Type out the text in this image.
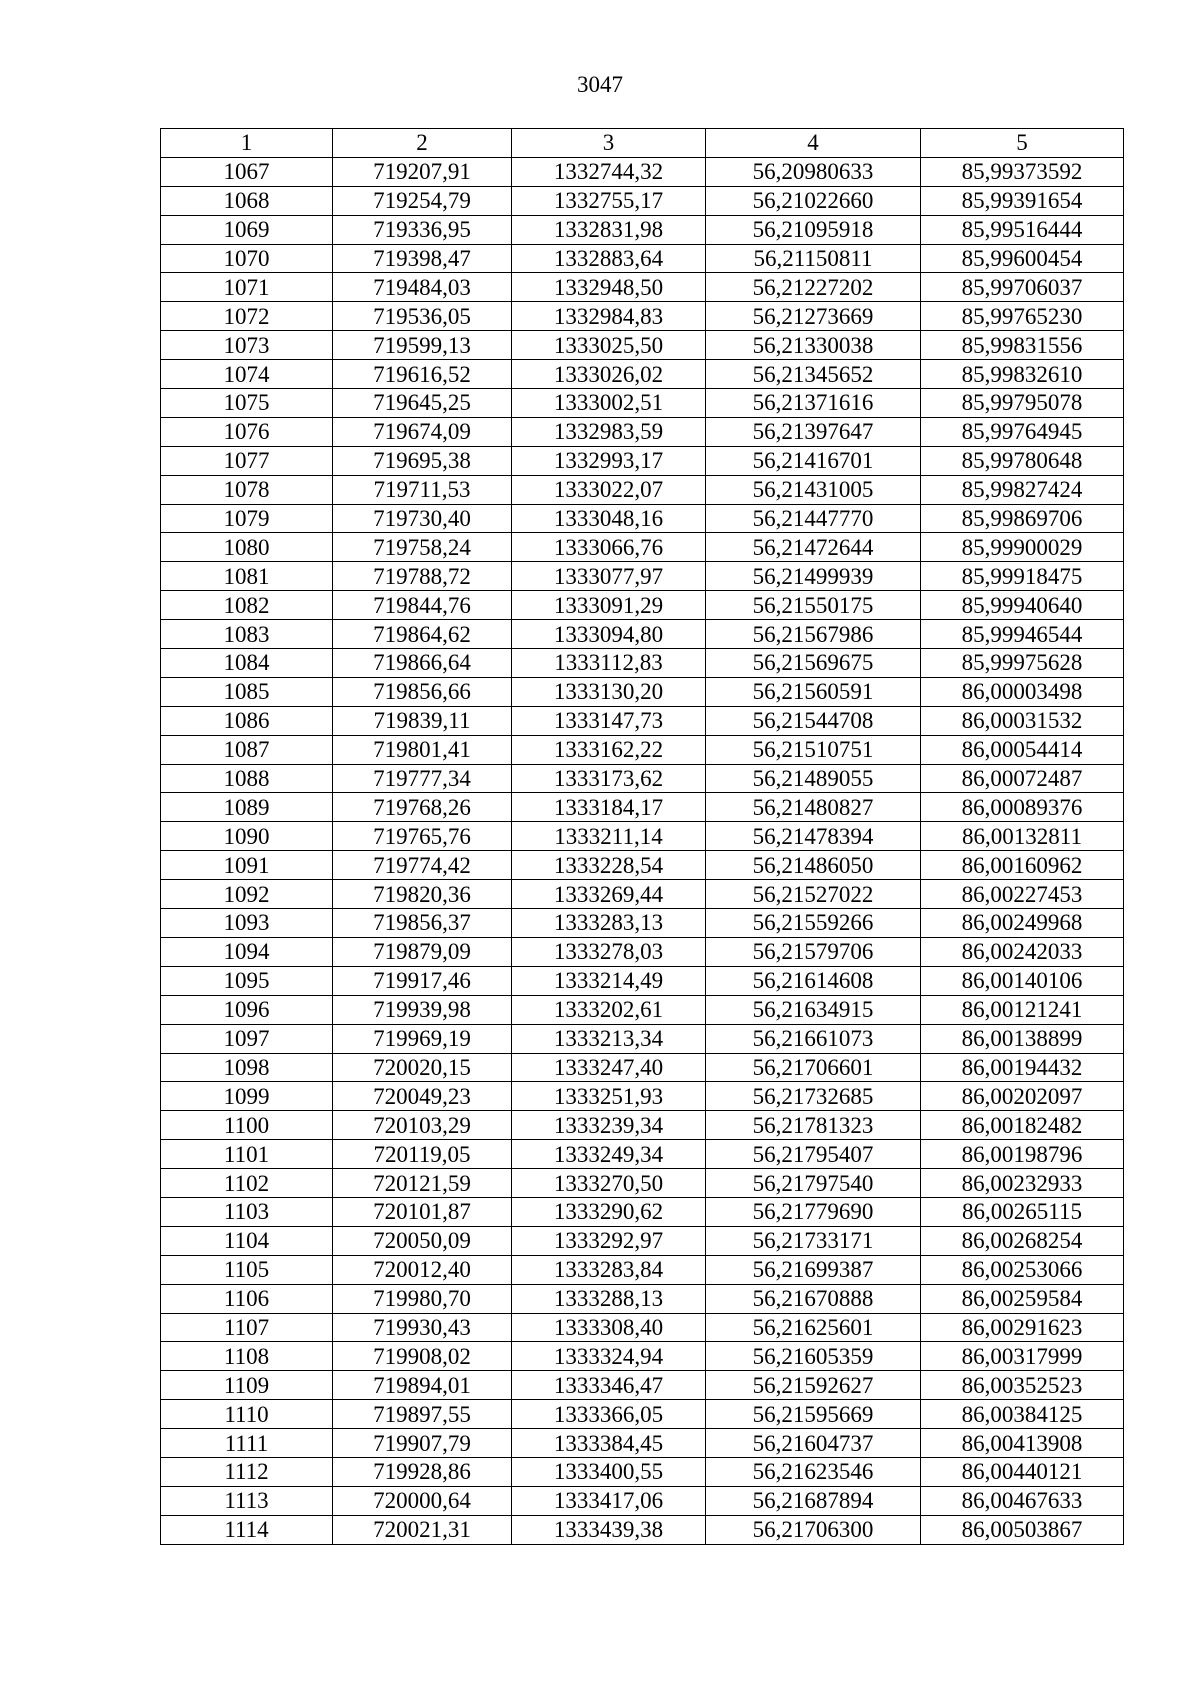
3047
1	2	3	4	5
1067	719207,91	1332744,32	56,20980633	85,99373592
1068	719254,79	1332755,17	56,21022660	85,99391654
1069	719336,95	1332831,98	56,21095918	85,99516444
1070	719398,47	1332883,64	56,21150811	85,99600454
1071	719484,03	1332948,50	56,21227202	85,99706037
1072	719536,05	1332984,83	56,21273669	85,99765230
1073	719599,13	1333025,50	56,21330038	85,99831556
1074	719616,52	1333026,02	56,21345652	85,99832610
1075	719645,25	1333002,51	56,21371616	85,99795078
1076	719674,09	1332983,59	56,21397647	85,99764945
1077	719695,38	1332993,17	56,21416701	85,99780648
1078	719711,53	1333022,07	56,21431005	85,99827424
1079	719730,40	1333048,16	56,21447770	85,99869706
1080	719758,24	1333066,76	56,21472644	85,99900029
1081	719788,72	1333077,97	56,21499939	85,99918475
1082	719844,76	1333091,29	56,21550175	85,99940640
1083	719864,62	1333094,80	56,21567986	85,99946544
1084	719866,64	1333112,83	56,21569675	85,99975628
1085	719856,66	1333130,20	56,21560591	86,00003498
1086	719839,11	1333147,73	56,21544708	86,00031532
1087	719801,41	1333162,22	56,21510751	86,00054414
1088	719777,34	1333173,62	56,21489055	86,00072487
1089	719768,26	1333184,17	56,21480827	86,00089376
1090	719765,76	1333211,14	56,21478394	86,00132811
1091	719774,42	1333228,54	56,21486050	86,00160962
1092	719820,36	1333269,44	56,21527022	86,00227453
1093	719856,37	1333283,13	56,21559266	86,00249968
1094	719879,09	1333278,03	56,21579706	86,00242033
1095	719917,46	1333214,49	56,21614608	86,00140106
1096	719939,98	1333202,61	56,21634915	86,00121241
1097	719969,19	1333213,34	56,21661073	86,00138899
1098	720020,15	1333247,40	56,21706601	86,00194432
1099	720049,23	1333251,93	56,21732685	86,00202097
1100	720103,29	1333239,34	56,21781323	86,00182482
1101	720119,05	1333249,34	56,21795407	86,00198796
1102	720121,59	1333270,50	56,21797540	86,00232933
1103	720101,87	1333290,62	56,21779690	86,00265115
1104	720050,09	1333292,97	56,21733171	86,00268254
1105	720012,40	1333283,84	56,21699387	86,00253066
1106	719980,70	1333288,13	56,21670888	86,00259584
1107	719930,43	1333308,40	56,21625601	86,00291623
1108	719908,02	1333324,94	56,21605359	86,00317999
1109	719894,01	1333346,47	56,21592627	86,00352523
1110	719897,55	1333366,05	56,21595669	86,00384125
1111	719907,79	1333384,45	56,21604737	86,00413908
1112	719928,86	1333400,55	56,21623546	86,00440121
1113	720000,64	1333417,06	56,21687894	86,00467633
1114	720021,31	1333439,38	56,21706300	86,00503867
